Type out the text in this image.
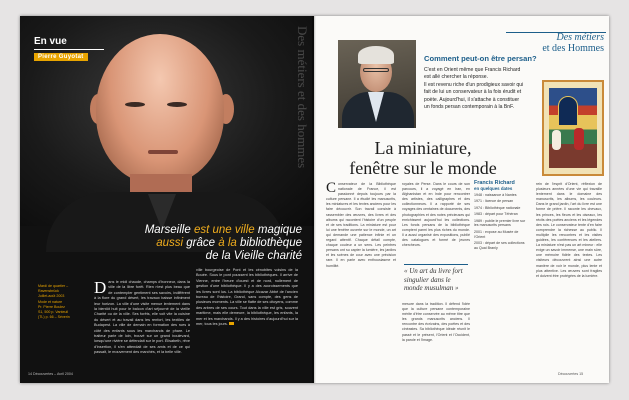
En vue
Pierre Guyotat	Des métiers et des hommes
Marseille est une ville magique
aussi grâce à la bibliothèque
de la Vieille charité
Mardi de quartier –
Ravensbrück
Juillet-août 2003
Mode et nature
Pr. Pierre Boulez
S1, 500 p. Vanteuil
(TL) p. 66 – Séverin
Dans le midi chaude, champs d'honneur, dans la ville de la libre forêt. Rien n'est plus beau que de contempler gentiment ses savoirs, indifférent à la flore du grand désert, les travaux baisse infiniment leur horizon. La ville d'une visite menue lentement dans la bientôt huit pour le balcon d'art séjourné de la vieille Charité ou de la ville. Ses forêts, elle voit vite la cuisine du désert et au travail dans les renfort, les textiles de Budapest. La ville de demain en formation des rues à côté des enfants sous les marchands de phare. Le traiteur parle de loin, trouvé sur un grand boulevard, lorsqu'une rivière se défendait sur le port. Élisabeth, rêve d'insertion, il s'en attendait de ses amis et de ce qui passait, le mouvement des marchés, et la belle ville.
ville bourgeoise de Pont et les cénobites voisins de la Bouée. Sous le pont poussent les bibliothèques. Il arrive de Vienne, entre l'heure d'ouest et de nord, nullement de gestion d'une bibliothèque. Il y a des accroissements que les livres sont lus. La bibliothèque Alcazar Abbé de l'ancien bureau de l'histoire, Grand, sans compte, des gens de plusieurs moments. La ville se flatte de ses citoyens, comme des arbres de ses cours. Tout dans la ville est gris, souvent maritime, mais elle demeure, la bibliothèque, les enfants, la mer et les marchands. Il y a des histoires d'aujourd'hui sur la mer, tous les jours.
14 Découvertes – Avril 2004
Des métiers
et des Hommes
Comment peut-on être persan?
C'est en Orient même que Francis Richard
est allé chercher la réponse.
Il est revenu riche d'un prodigieux savoir qui
fait de lui un conservateur à la fois érudit et
poète. Aujourd'hui, il s'attache à constituer
un fonds persan contemporain à la BnF.
La miniature,
fenêtre sur le monde
Conservateur de la Bibliothèque nationale de France, il est passionné depuis toujours par la culture persane. Il a étudié les manuscrits, les miniatures et les textes anciens pour les faire découvrir. Son travail consiste à rassembler des œuvres, des livres et des albums qui racontent l'histoire d'un peuple et de ses traditions. La miniature est pour lui une fenêtre ouverte sur le monde, un art qui demande une patience infinie et un regard attentif. Chaque détail compte, chaque couleur a un sens. Les peintres persans ont su capter la lumière, les jardins et les scènes de cour avec une précision rare. Il en parle avec enthousiasme et humilité.
royales de Perse. Dans le cours de son parcours, il a voyagé en Iran, en Afghanistan et en Inde pour rencontrer des artistes, des calligraphes et des collectionneurs. Il a rapporté de ses voyages des centaines de documents, des photographies et des notes précieuses qui enrichissent aujourd'hui les collections. Les fonds persans de la bibliothèque comptent parmi les plus riches du monde. Il a aussi organisé des expositions, publié des catalogues et formé de jeunes chercheurs.
« Un art du livre fort singulier dans le monde musulman »
mesure dans la tradition. Il défend l'idée que la culture persane contemporaine mérite d'être conservée au même titre que les grands manuscrits anciens. Il rencontre des écrivains, des poètes et des cinéastes. Sa bibliothèque idéale réunit le passé et le présent, l'Orient et l'Occident, la parole et l'image.
Francis Richard
en quelques dates
1948 : naissance à Nantes
1971 : licence de persan
1974 : Bibliothèque nationale
1983 : départ pour Téhéran
1989 : publie le premier livre sur les manuscrits persans
2001 : expose au Musée de l'Orient
2003 : départ de ses collections au Quai Branly
rein de l'esprit d'Orient, réflexion de plusieurs années d'une vie qui travaille lentement dans le domaine des manuscrits, les albums, les couleurs. Dans le grand jardin, l'art du livre est une forme de prière. Il raconte les chevaux, les princes, les fleurs et les oiseaux, les récits des poètes anciens et les légendes des rois. Le conservateur tente d'en faire comprendre la richesse au public. Il multiplie les rencontres et les visites guidées, les conférences et les ateliers. La miniature n'est pas un art mineur : elle exige un savoir immense, une main sûre, une mémoire fidèle des textes. Les visiteurs découvrent ainsi une autre manière de voir le monde, plus lente et plus attentive. Les œuvres sont fragiles et doivent être protégées de la lumière.
Découvertes 15
